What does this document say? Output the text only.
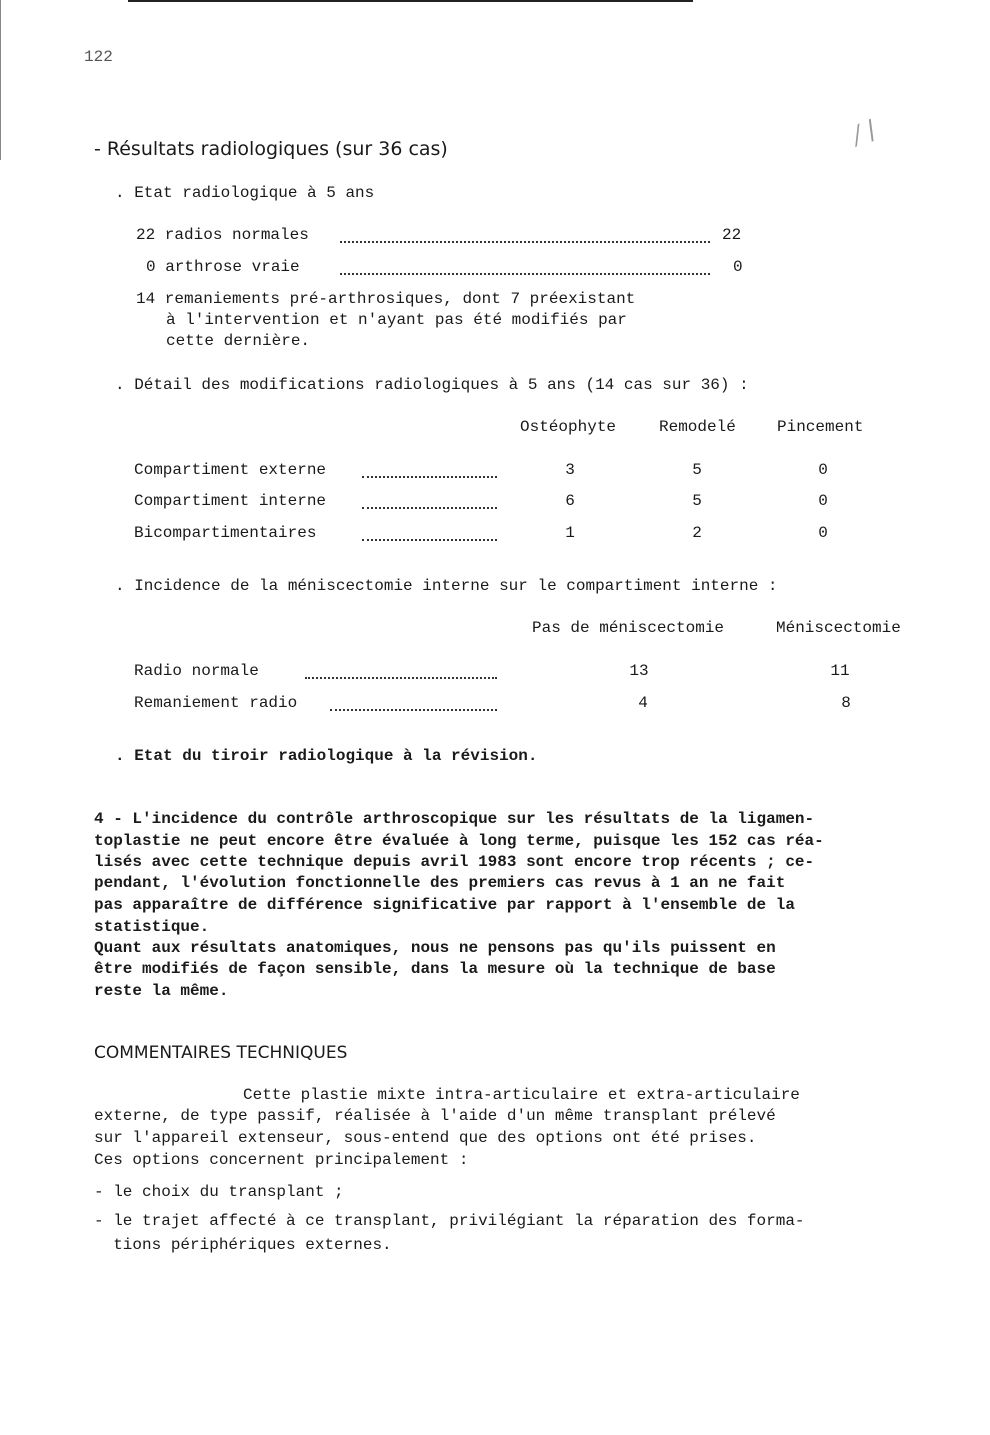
122
⁄ /
- Résultats radiologiques (sur 36 cas)
. Etat radiologique à 5 ans
22 radios normales	22
0 arthrose vraie	0
14 remaniements pré-arthrosiques, dont 7 préexistant
à l'intervention et n'ayant pas été modifiés par
cette dernière.
. Détail des modifications radiologiques à 5 ans (14 cas sur 36) :
Ostéophyte	Remodelé	Pincement
Compartiment externe	3	5	0
Compartiment interne	6	5	0
Bicompartimentaires	1	2	0
. Incidence de la méniscectomie interne sur le compartiment interne :
Pas de méniscectomie	Méniscectomie
Radio normale	13	11
Remaniement radio	4	8
. Etat du tiroir radiologique à la révision.
4 - L'incidence du contrôle arthroscopique sur les résultats de la ligamen-
toplastie ne peut encore être évaluée à long terme, puisque les 152 cas réa-
lisés avec cette technique depuis avril 1983 sont encore trop récents ; ce-
pendant, l'évolution fonctionnelle des premiers cas revus à 1 an ne fait
pas apparaître de différence significative par rapport à l'ensemble de la
statistique.
Quant aux résultats anatomiques, nous ne pensons pas qu'ils puissent en
être modifiés de façon sensible, dans la mesure où la technique de base
reste la même.
COMMENTAIRES TECHNIQUES
Cette plastie mixte intra-articulaire et extra-articulaire
externe, de type passif, réalisée à l'aide d'un même transplant prélevé
sur l'appareil extenseur, sous-entend que des options ont été prises.
Ces options concernent principalement :
- le choix du transplant ;
- le trajet affecté à ce transplant, privilégiant la réparation des forma-
tions périphériques externes.
